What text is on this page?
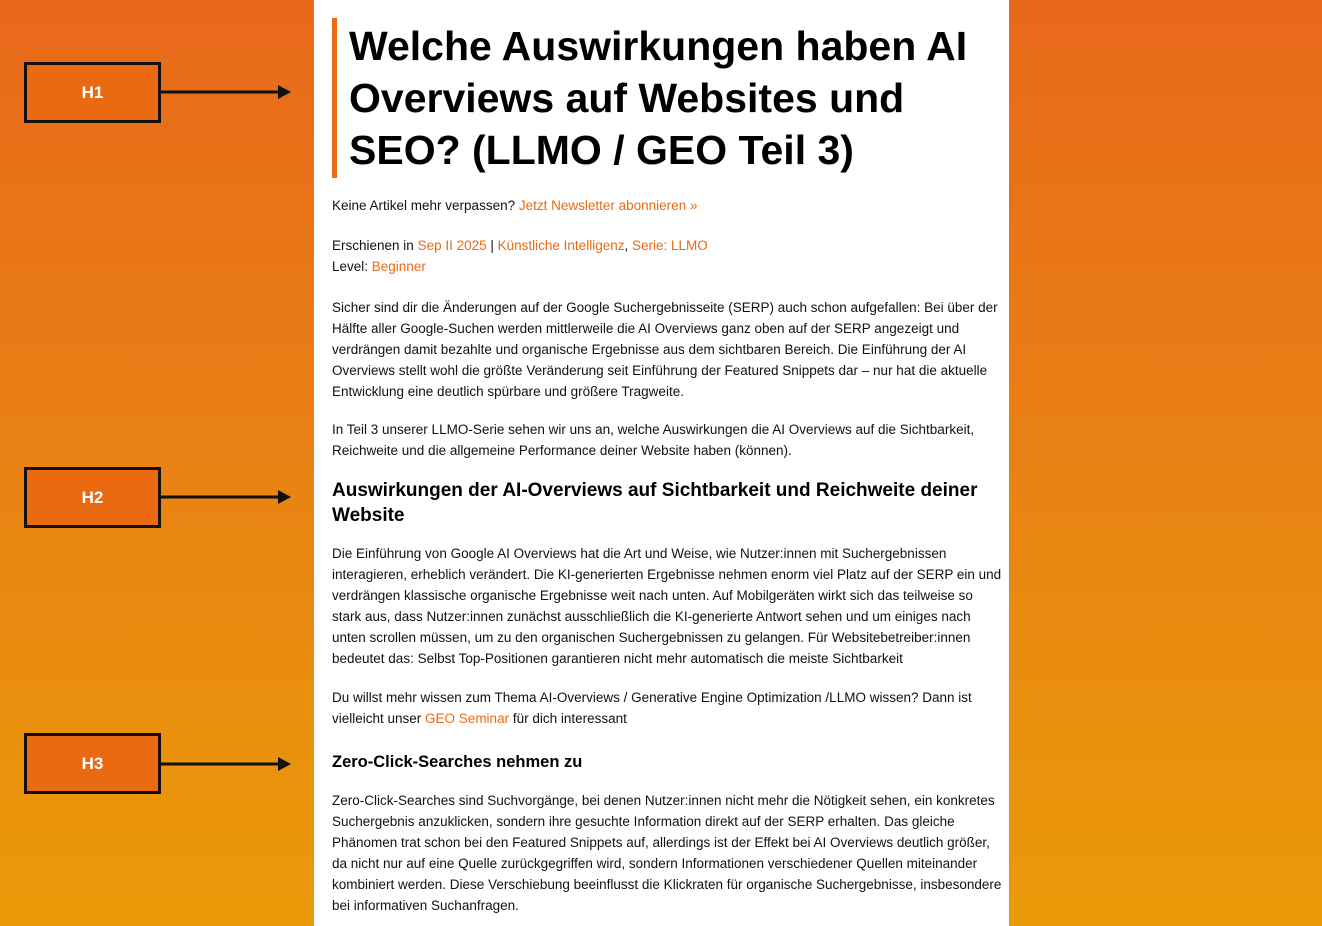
H1
H2
H3
Welche Auswirkungen haben AI Overviews auf Websites und SEO? (LLMO / GEO Teil 3)

Keine Artikel mehr verpassen? Jetzt Newsletter abonnieren »

Erschienen in Sep II 2025 | Künstliche Intelligenz, Serie: LLMO
Level: Beginner

Sicher sind dir die Änderungen auf der Google Suchergebnisseite (SERP) auch schon aufgefallen: Bei über der Hälfte aller Google-Suchen werden mittlerweile die AI Overviews ganz oben auf der SERP angezeigt und verdrängen damit bezahlte und organische Ergebnisse aus dem sichtbaren Bereich. Die Einführung der AI Overviews stellt wohl die größte Veränderung seit Einführung der Featured Snippets dar – nur hat die aktuelle Entwicklung eine deutlich spürbare und größere Tragweite.

In Teil 3 unserer LLMO-Serie sehen wir uns an, welche Auswirkungen die AI Overviews auf die Sichtbarkeit, Reichweite und die allgemeine Performance deiner Website haben (können).

Auswirkungen der AI-Overviews auf Sichtbarkeit und Reichweite deiner Website

Die Einführung von Google AI Overviews hat die Art und Weise, wie Nutzer:innen mit Suchergebnissen interagieren, erheblich verändert. Die KI-generierten Ergebnisse nehmen enorm viel Platz auf der SERP ein und verdrängen klassische organische Ergebnisse weit nach unten. Auf Mobilgeräten wirkt sich das teilweise so stark aus, dass Nutzer:innen zunächst ausschließlich die KI-generierte Antwort sehen und um einiges nach unten scrollen müssen, um zu den organischen Suchergebnissen zu gelangen. Für Websitebetreiber:innen bedeutet das: Selbst Top-Positionen garantieren nicht mehr automatisch die meiste Sichtbarkeit

Du willst mehr wissen zum Thema AI-Overviews / Generative Engine Optimization /LLMO wissen? Dann ist vielleicht unser GEO Seminar für dich interessant

Zero-Click-Searches nehmen zu

Zero-Click-Searches sind Suchvorgänge, bei denen Nutzer:innen nicht mehr die Nötigkeit sehen, ein konkretes Suchergebnis anzuklicken, sondern ihre gesuchte Information direkt auf der SERP erhalten. Das gleiche Phänomen trat schon bei den Featured Snippets auf, allerdings ist der Effekt bei AI Overviews deutlich größer, da nicht nur auf eine Quelle zurückgegriffen wird, sondern Informationen verschiedener Quellen miteinander kombiniert werden. Diese Verschiebung beeinflusst die Klickraten für organische Suchergebnisse, insbesondere bei informativen Suchanfragen.
